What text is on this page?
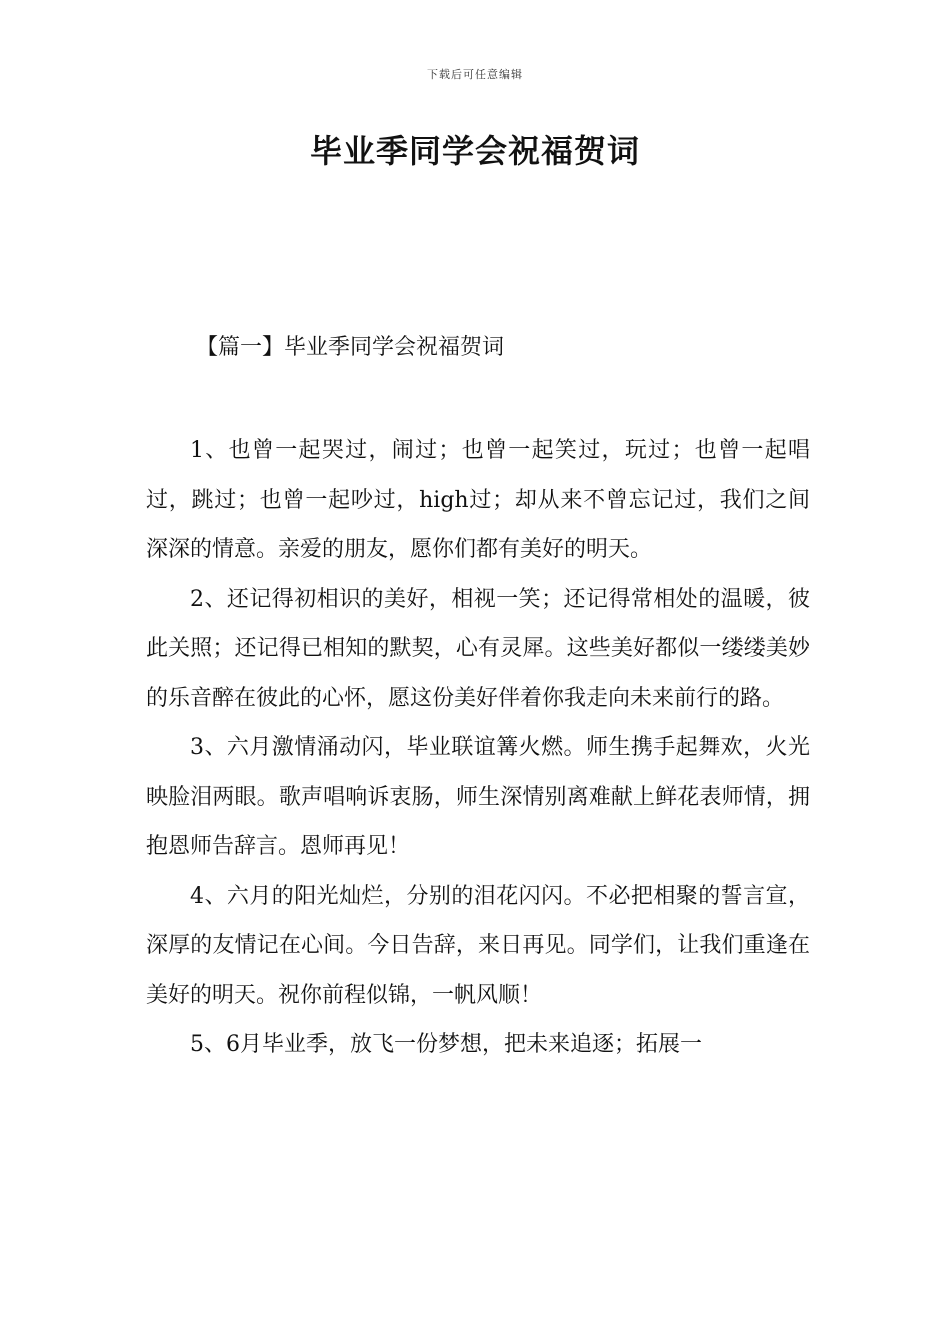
下载后可任意编辑
毕业季同学会祝福贺词
【篇一】毕业季同学会祝福贺词

1、也曾一起哭过，闹过；也曾一起笑过，玩过；也曾一起唱过，跳过；也曾一起吵过，high过；却从来不曾忘记过，我们之间深深的情意。亲爱的朋友，愿你们都有美好的明天。

2、还记得初相识的美好，相视一笑；还记得常相处的温暖，彼此关照；还记得已相知的默契，心有灵犀。这些美好都似一缕缕美妙的乐音醉在彼此的心怀，愿这份美好伴着你我走向未来前行的路。

3、六月激情涌动闪，毕业联谊篝火燃。师生携手起舞欢，火光映脸泪两眼。歌声唱响诉衷肠，师生深情别离难献上鲜花表师情，拥抱恩师告辞言。恩师再见！

4、六月的阳光灿烂，分别的泪花闪闪。不必把相聚的誓言宣，深厚的友情记在心间。今日告辞，来日再见。同学们，让我们重逢在美好的明天。祝你前程似锦，一帆风顺！

5、6月毕业季，放飞一份梦想，把未来追逐；拓展一
